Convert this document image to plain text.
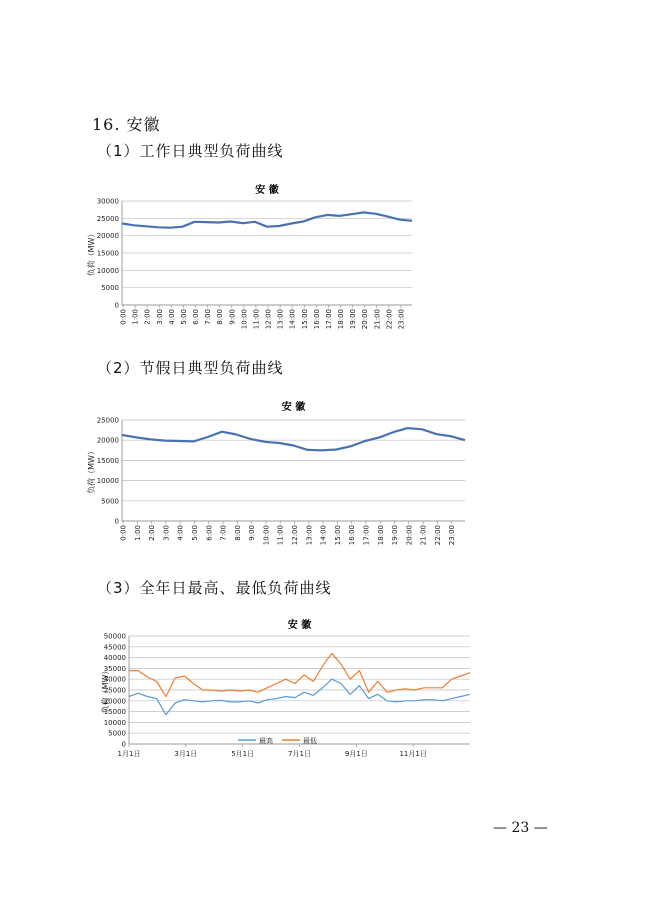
16. 安徽
（1）工作日典型负荷曲线
（2）节假日典型负荷曲线
（3）全年日最高、最低负荷曲线
安 徽
负荷（MW）
0
5000
10000
15000
20000
25000
30000
0:00 1:00 2:00 3:00 4:00 5:00 6:00 7:00 8:00 9:00 10:00 11:00 12:00 13:00 14:00 15:00 16:00 17:00 18:00 19:00 20:00 21:00 22:00 23:00
安 徽
负荷（MW）
0
5000
10000
15000
20000
25000
0:00 1:00 2:00 3:00 4:00 5:00 6:00 7:00 8:00 9:00 10:00 11:00 12:00 13:00 14:00 15:00 16:00 17:00 18:00 19:00 20:00 21:00 22:00 23:00
安 徽
负荷（MW）
0
5000
10000
15000
20000
25000
30000
35000
40000
45000
50000
1月1日	3月1日	5月1日	7月1日	9月1日	11月1日
最高	最低
— 23 —
